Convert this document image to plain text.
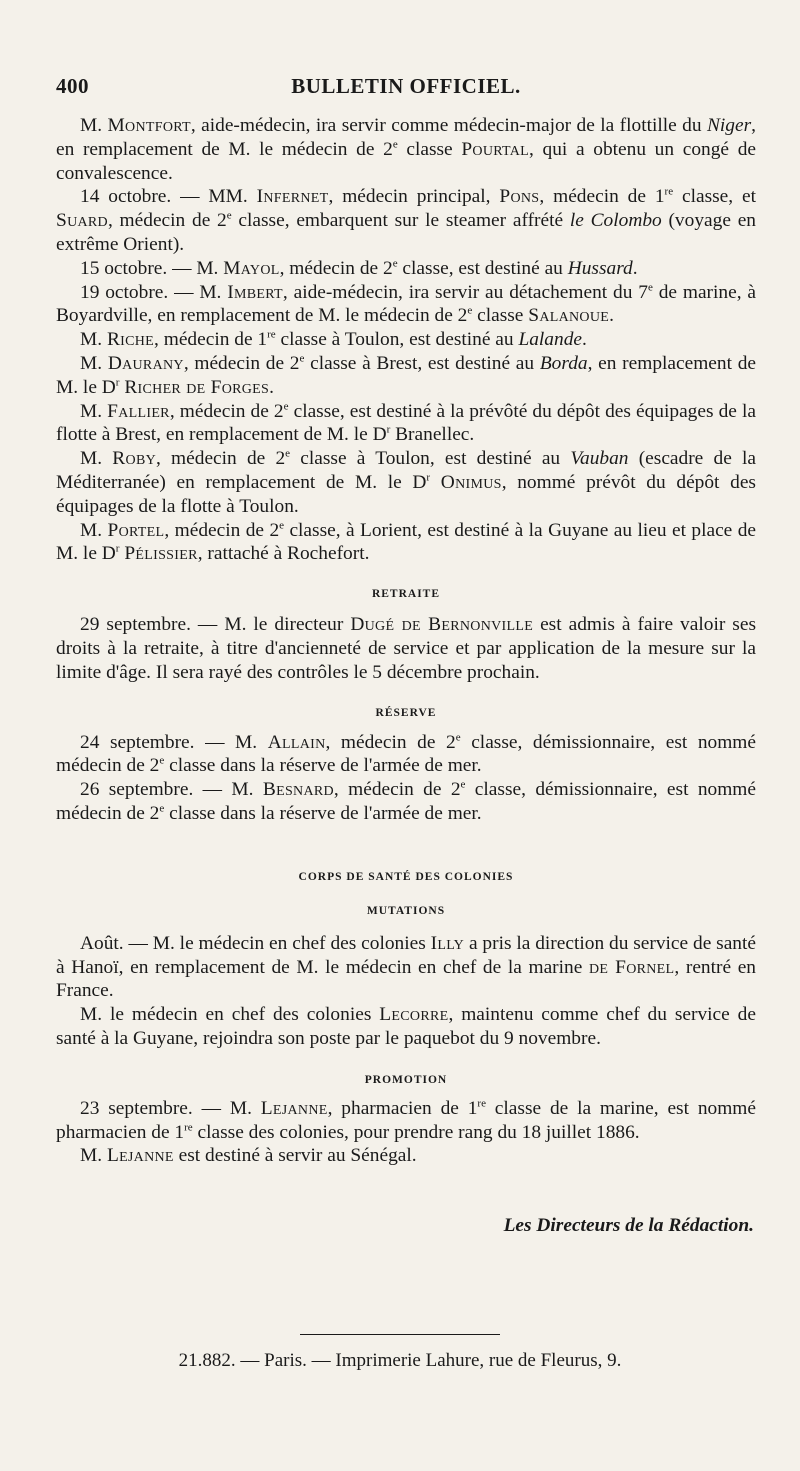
400	BULLETIN OFFICIEL.

M. Montfort, aide-médecin, ira servir comme médecin-major de la flottille du Niger, en remplacement de M. le médecin de 2e classe Pourtal, qui a obtenu un congé de convalescence.

14 octobre. — MM. Infernet, médecin principal, Pons, médecin de 1re classe, et Suard, médecin de 2e classe, embarquent sur le steamer affrété le Colombo (voyage en extrême Orient).

15 octobre. — M. Mayol, médecin de 2e classe, est destiné au Hussard.

19 octobre. — M. Imbert, aide-médecin, ira servir au détachement du 7e de marine, à Boyardville, en remplacement de M. le médecin de 2e classe Salanoue.

M. Riche, médecin de 1re classe à Toulon, est destiné au Lalande.

M. Daurany, médecin de 2e classe à Brest, est destiné au Borda, en remplacement de M. le $D^r$ Richer de Forges.

M. Fallier, médecin de 2e classe, est destiné à la prévôté du dépôt des équipages de la flotte à Brest, en remplacement de M. le $D^r$ Branellec.

M. Roby, médecin de 2e classe à Toulon, est destiné au Vauban (escadre de la Méditerranée) en remplacement de M. le $D^r$ Onimus, nommé prévôt du dépôt des équipages de la flotte à Toulon.

M. Portel, médecin de 2e classe, à Lorient, est destiné à la Guyane au lieu et place de M. le $D^r$ Pélissier, rattaché à Rochefort.

RETRAITE

29 septembre. — M. le directeur Dugé de Bernonville est admis à faire valoir ses droits à la retraite, à titre d'ancienneté de service et par application de la mesure sur la limite d'âge. Il sera rayé des contrôles le 5 décembre prochain.

RÉSERVE

24 septembre. — M. Allain, médecin de 2e classe, démissionnaire, est nommé médecin de 2e classe dans la réserve de l'armée de mer.

26 septembre. — M. Besnard, médecin de 2e classe, démissionnaire, est nommé médecin de 2e classe dans la réserve de l'armée de mer.

CORPS DE SANTÉ DES COLONIES
MUTATIONS

Août. — M. le médecin en chef des colonies Illy a pris la direction du service de santé à Hanoï, en remplacement de M. le médecin en chef de la marine de Fornel, rentré en France.

M. le médecin en chef des colonies Lecorre, maintenu comme chef du service de santé à la Guyane, rejoindra son poste par le paquebot du 9 novembre.

PROMOTION

23 septembre. — M. Lejanne, pharmacien de 1re classe de la marine, est nommé pharmacien de 1re classe des colonies, pour prendre rang du 18 juillet 1886.

M. Lejanne est destiné à servir au Sénégal.

Les Directeurs de la Rédaction.
21.882. — Paris. — Imprimerie Lahure, rue de Fleurus, 9.
